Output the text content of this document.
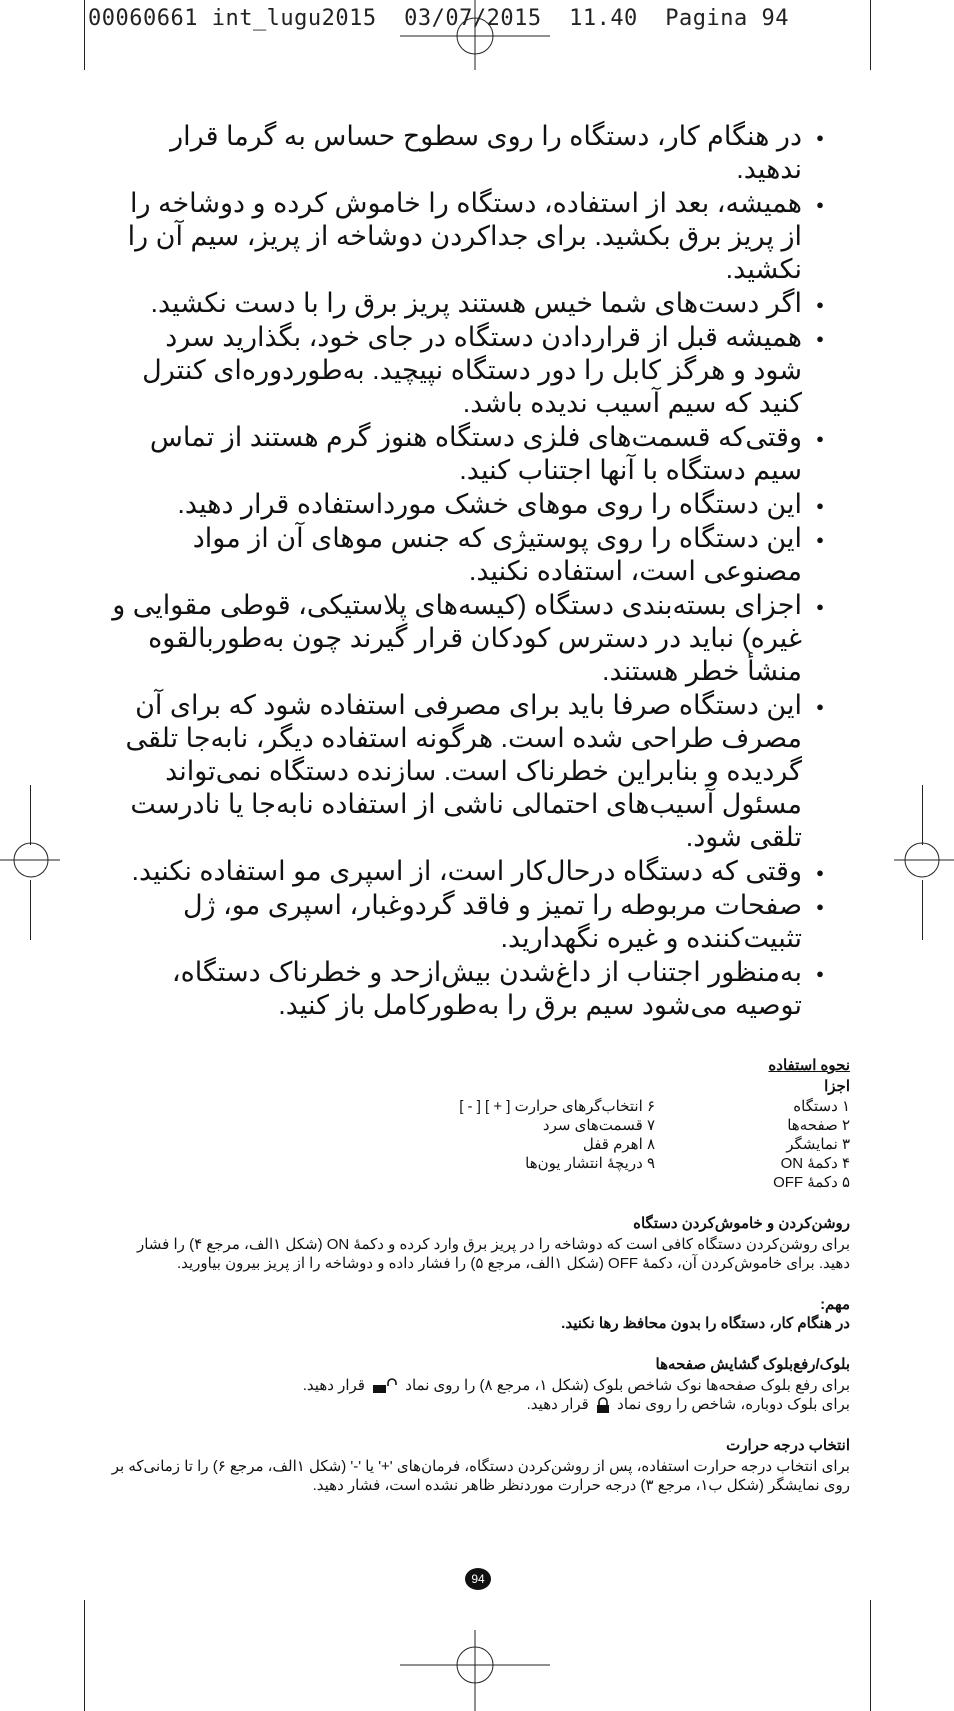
00060661 int_lugu2015  03/07/2015  11.40  Pagina 94
● در هنگام کار، دستگاه را روی سطوح حساس به گرما قرار ندهید.
● همیشه، بعد از استفاده، دستگاه را خاموش کرده و دوشاخه را از پریز برق بکشید. برای جداکردن دوشاخه از پریز، سیم آن را نکشید.
● اگر دست‌های شما خیس هستند پریز برق را با دست نکشید.
● همیشه قبل از قراردادن دستگاه در جای خود، بگذارید سرد شود و هرگز کابل را دور دستگاه نپیچید. به‌طوردوره‌ای کنترل کنید که سیم آسیب ندیده باشد.
● وقتی‌که قسمت‌های فلزی دستگاه هنوز گرم هستند از تماس سیم دستگاه با آنها اجتناب کنید.
● این دستگاه را روی موهای خشک مورداستفاده قرار دهید.
● این دستگاه را روی پوستیژی که جنس موهای آن از مواد مصنوعی است، استفاده نکنید.
● اجزای بسته‌بندی دستگاه (کیسه‌های پلاستیکی، قوطی مقوایی و غیره) نباید در دسترس کودکان قرار گیرند چون به‌طوربالقوه منشأ خطر هستند.
● این دستگاه صرفا باید برای مصرفی استفاده شود که برای آن مصرف طراحی شده است. هرگونه استفاده دیگر، نابه‌جا تلقی گردیده و بنابراین خطرناک است. سازنده دستگاه نمی‌تواند مسئول آسیب‌های احتمالی ناشی از استفاده نابه‌جا یا نادرست تلقی شود.
● وقتی که دستگاه درحال‌کار است، از اسپری مو استفاده نکنید.
● صفحات مربوطه را تمیز و فاقد گردوغبار، اسپری مو، ژل تثبیت‌کننده و غیره نگهدارید.
● به‌منظور اجتناب از داغ‌شدن بیش‌ازحد و خطرناک دستگاه، توصیه می‌شود سیم برق را به‌طورکامل باز کنید.
نحوه استفاده
اجزا
۱ دستگاه
۲ صفحه‌ها
۳ نمایشگر
۴ دکمهٔ ON
۵ دکمهٔ OFF
۶ انتخاب‌گرهای حرارت [ + ] [ - ]
۷ قسمت‌های سرد
۸ اهرم قفل
۹ دریچهٔ انتشار یون‌ها
روشن‌کردن و خاموش‌کردن دستگاه

برای روشن‌کردن دستگاه کافی است که دوشاخه را در پریز برق وارد کرده و دکمهٔ ON (شکل ۱الف، مرجع ۴) را فشار دهید. برای خاموش‌کردن آن، دکمهٔ OFF (شکل ۱الف، مرجع ۵) را فشار داده و دوشاخه را از پریز بیرون بیاورید.

مهم:

در هنگام کار، دستگاه را بدون محافظ رها نکنید.

بلوک/رفع‌بلوک گشایش صفحه‌ها

برای رفع بلوک صفحه‌ها نوک شاخص بلوک (شکل ۱، مرجع ۸) را روی نماد  قرار دهید.

برای بلوک دوباره، شاخص را روی نماد  قرار دهید.

انتخاب درجه حرارت

برای انتخاب درجه حرارت استفاده، پس از روشن‌کردن دستگاه، فرمان‌های '+' یا '-' (شکل ۱الف، مرجع ۶) را تا زمانی‌که بر روی نمایشگر (شکل ب۱، مرجع ۳) درجه حرارت موردنظر ظاهر نشده است، فشار دهید.

94
